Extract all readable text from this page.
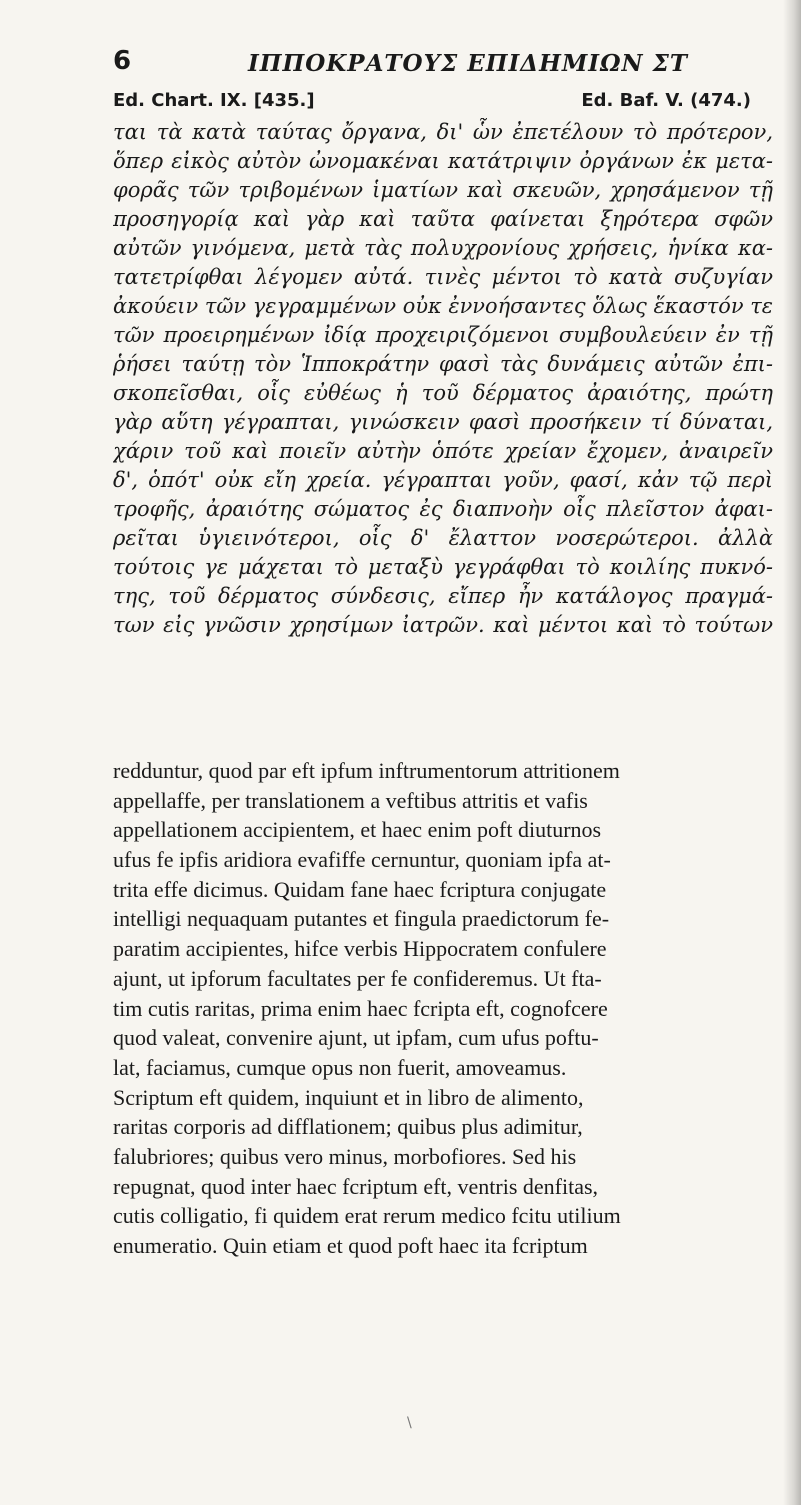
6	ΙΠΠΟΚΡΑΤΟΥΣ ΕΠΙΔΗΜΙΩΝ ΣΤ
Ed. Chart. IX. [435.]	Ed. Baf. V. (474.)
ται τὰ κατὰ ταύτας ὄργανα, δι' ὧν ἐπετέλουν τὸ πρότερον,
ὅπερ εἰκὸς αὐτὸν ὠνομακέναι κατάτριψιν ὀργάνων ἐκ μετα-
φορᾶς τῶν τριβομένων ἱματίων καὶ σκευῶν, χρησάμενον τῇ
προσηγορίᾳ καὶ γὰρ καὶ ταῦτα φαίνεται ξηρότερα σφῶν
αὐτῶν γινόμενα, μετὰ τὰς πολυχρονίους χρήσεις, ἡνίκα κα-
τατετρίφθαι λέγομεν αὐτά. τινὲς μέντοι τὸ κατὰ συζυγίαν
ἀκούειν τῶν γεγραμμένων οὐκ ἐννοήσαντες ὅλως ἕκαστόν τε
τῶν προειρημένων ἰδίᾳ προχειριζόμενοι συμβουλεύειν ἐν τῇ
ῥήσει ταύτῃ τὸν Ἱπποκράτην φασὶ τὰς δυνάμεις αὐτῶν ἐπι-
σκοπεῖσθαι, οἷς εὐθέως ἡ τοῦ δέρματος ἀραιότης, πρώτη
γὰρ αὕτη γέγραπται, γινώσκειν φασὶ προσήκειν τί δύναται,
χάριν τοῦ καὶ ποιεῖν αὐτὴν ὁπότε χρείαν ἔχομεν, ἀναιρεῖν
δ', ὁπότ' οὐκ εἴη χρεία. γέγραπται γοῦν, φασί, κἀν τῷ περὶ
τροφῆς, ἀραιότης σώματος ἐς διαπνοὴν οἷς πλεῖστον ἀφαι-
ρεῖται ὑγιεινότεροι, οἷς δ' ἔλαττον νοσερώτεροι. ἀλλὰ
τούτοις γε μάχεται τὸ μεταξὺ γεγράφθαι τὸ κοιλίης πυκνό-
της, τοῦ δέρματος σύνδεσις, εἴπερ ἦν κατάλογος πραγμά-
των εἰς γνῶσιν χρησίμων ἰατρῶν. καὶ μέντοι καὶ τὸ τούτων
redduntur, quod par eft ipfum inftrumentorum attritionem
appellaffe, per translationem a veftibus attritis et vafis
appellationem accipientem, et haec enim poft diuturnos
ufus fe ipfis aridiora evafiffe cernuntur, quoniam ipfa at-
trita effe dicimus. Quidam fane haec fcriptura conjugate
intelligi nequaquam putantes et fingula praedictorum fe-
paratim accipientes, hifce verbis Hippocratem confulere
ajunt, ut ipforum facultates per fe confideremus. Ut fta-
tim cutis raritas, prima enim haec fcripta eft, cognofcere
quod valeat, convenire ajunt, ut ipfam, cum ufus poftu-
lat, faciamus, cumque opus non fuerit, amoveamus.
Scriptum eft quidem, inquiunt et in libro de alimento,
raritas corporis ad difflationem; quibus plus adimitur,
falubriores; quibus vero minus, morbofiores. Sed his
repugnat, quod inter haec fcriptum eft, ventris denfitas,
cutis colligatio, fi quidem erat rerum medico fcitu utilium
enumeratio. Quin etiam et quod poft haec ita fcriptum
\
